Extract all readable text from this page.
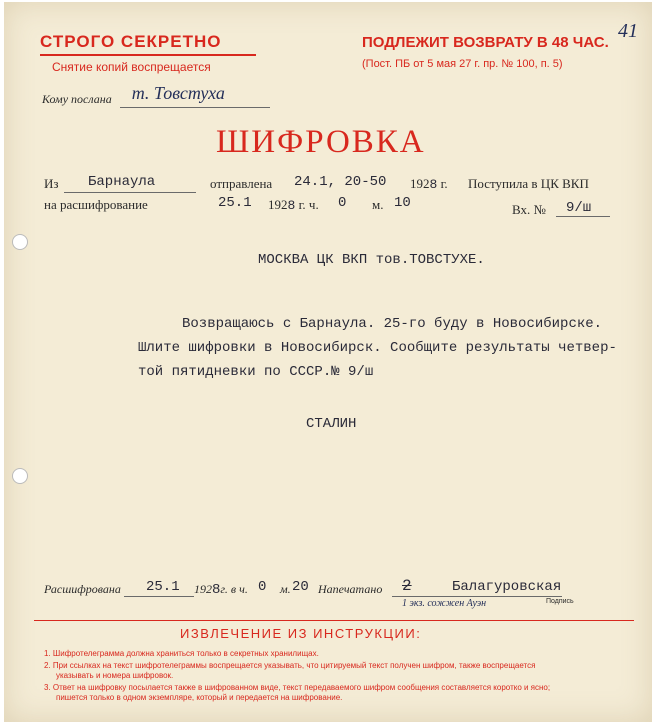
СТРОГО СЕКРЕТНО
Снятие копий воспрещается
ПОДЛЕЖИТ ВОЗВРАТУ В 48 ЧАС.
(Пост. ПБ от 5 мая 27 г. пр. № 100, п. 5)
41
Кому послана т. Товстуха
ШИФРОВКА
Из Барнаула	отправлена 24.1, 20-50 1928 г. Поступила в ЦК ВКП
на расшифрование	25.1 1928 г. ч. 0 м. 10	Вх. № 9/ш
МОСКВА ЦК ВКП тов.ТОВСТУХЕ.
Возвращаюсь с Барнаула. 25-го буду в Новосибирске.
Шлите шифровки в Новосибирск. Сообщите результаты четвер-
той пятидневки по СССР.№ 9/ш
СТАЛИН
Расшифрована 25.1 1928г. в ч. 0 м. 20 Напечатано 2	Балагуровская
Подпись
1 экз. сожжен Ауэн
ИЗВЛЕЧЕНИЕ ИЗ ИНСТРУКЦИИ:
1. Шифротелеграмма должна храниться только в секретных хранилищах.
2. При ссылках на текст шифротелеграммы воспрещается указывать, что цитируемый текст получен шифром, также воспрещается
указывать и номера шифровок.
3. Ответ на шифровку посылается также в шифрованном виде, текст передаваемого шифром сообщения составляется коротко и ясно;
пишется только в одном экземпляре, который и передается на шифрование.
